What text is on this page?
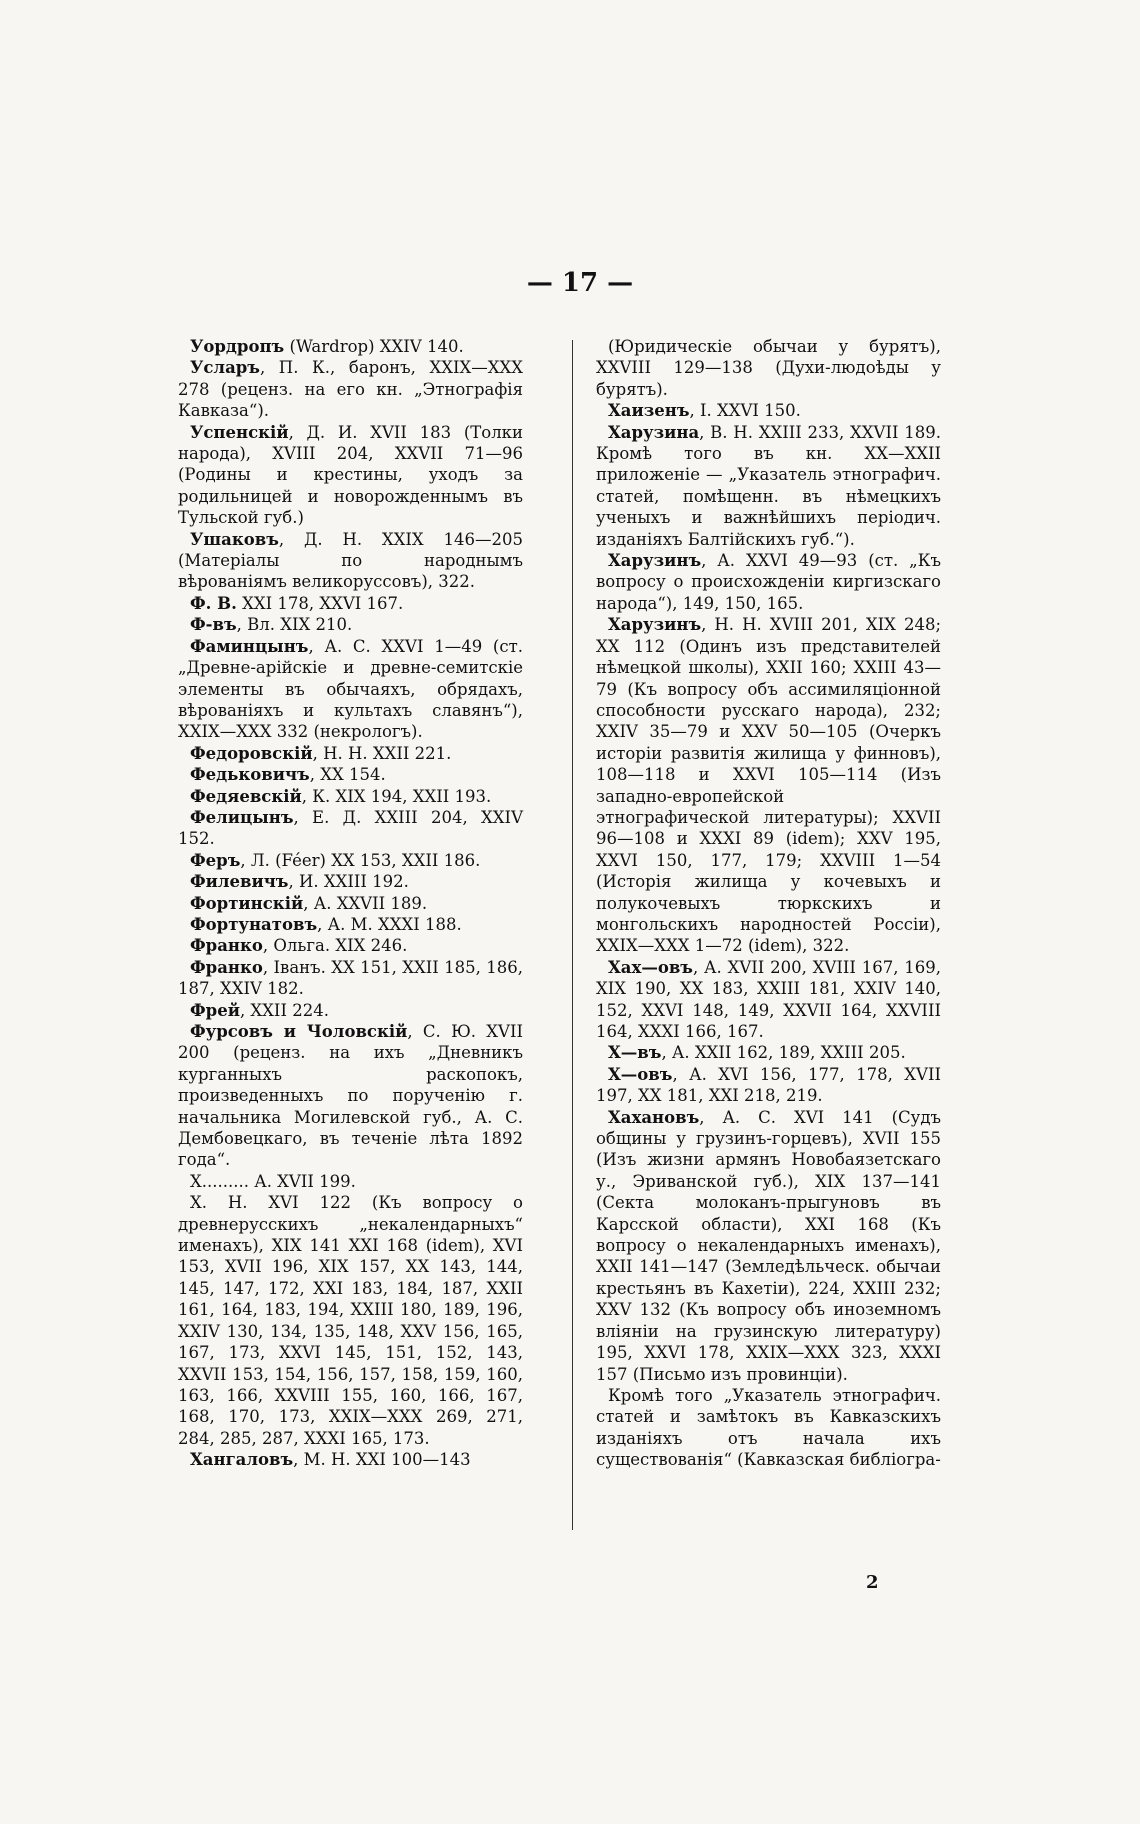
— 17 —

Уордропъ (Wardrop) XXIV 140.

Усларъ, П. К., баронъ, XXIX—XXX 278 (реценз. на его кн. „Этнографія Кавказа“).

Успенскій, Д. И. XVII 183 (Толки народа), XVIII 204, XXVII 71—96 (Родины и крестины, уходъ за родильницей и новорожденнымъ въ Тульской губ.)

Ушаковъ, Д. Н. XXIX 146—205 (Матеріалы по народнымъ вѣрованіямъ великоруссовъ), 322.

Ф. В. XXI 178, XXVI 167.

Ф-въ, Вл. XIX 210.

Фаминцынъ, А. С. XXVI 1—49 (ст. „Древне-арійскіе и древне-семитскіе элементы въ обычаяхъ, обрядахъ, вѣрованіяхъ и культахъ славянъ“), XXIX—XXX 332 (некрологъ).

Федоровскій, Н. Н. XXII 221.

Федьковичъ, XX 154.

Федяевскій, К. XIX 194, XXII 193.

Фелицынъ, Е. Д. XXIII 204, XXIV 152.

Феръ, Л. (Féer) XX 153, XXII 186.

Филевичъ, И. XXIII 192.

Фортинскій, А. XXVII 189.

Фортунатовъ, А. М. XXXI 188.

Франко, Ольга. XIX 246.

Франко, Іванъ. XX 151, XXII 185, 186, 187, XXIV 182.

Фрей, XXII 224.

Фурсовъ и Чоловскій, С. Ю. XVII 200 (реценз. на ихъ „Дневникъ курганныхъ раскопокъ, произведенныхъ по порученію г. начальника Могилевской губ., А. С. Дембовецкаго, въ теченіе лѣта 1892 года“.

Х......... А. XVII 199.

Х. Н. XVI 122 (Къ вопросу о древнерусскихъ „некалендарныхъ“ именахъ), XIX 141 XXI 168 (idem), XVI 153, XVII 196, XIX 157, XX 143, 144, 145, 147, 172, XXI 183, 184, 187, XXII 161, 164, 183, 194, XXIII 180, 189, 196, XXIV 130, 134, 135, 148, XXV 156, 165, 167, 173, XXVI 145, 151, 152, 143, XXVII 153, 154, 156, 157, 158, 159, 160, 163, 166, XXVIII 155, 160, 166, 167, 168, 170, 173, XXIX—XXX 269, 271, 284, 285, 287, XXXI 165, 173.

Хангаловъ, М. Н. XXI 100—143

(Юридическіе обычаи у бурятъ), XXVIII 129—138 (Духи-людоѣды у бурятъ).

Хаизенъ, I. XXVI 150.

Харузина, В. Н. XXIII 233, XXVII 189. Кромѣ того въ кн. XX—XXII приложеніе — „Указатель этнографич. статей, помѣщенн. въ нѣмецкихъ ученыхъ и важнѣйшихъ періодич. изданіяхъ Балтійскихъ губ.“).

Харузинъ, А. XXVI 49—93 (ст. „Къ вопросу о происхожденіи киргизскаго народа“), 149, 150, 165.

Харузинъ, Н. Н. XVIII 201, XIX 248; XX 112 (Одинъ изъ представителей нѣмецкой школы), XXII 160; XXIII 43—79 (Къ вопросу объ ассимиляціонной способности русскаго народа), 232; XXIV 35—79 и XXV 50—105 (Очеркъ исторіи развитія жилища у финновъ), 108—118 и XXVI 105—114 (Изъ западно-европейской этнографической литературы); XXVII 96—108 и XXXI 89 (idem); XXV 195, XXVI 150, 177, 179; XXVIII 1—54 (Исторія жилища у кочевыхъ и полукочевыхъ тюркскихъ и монгольскихъ народностей Россіи), XXIX—XXX 1—72 (idem), 322.

Хах—овъ, А. XVII 200, XVIII 167, 169, XIX 190, XX 183, XXIII 181, XXIV 140, 152, XXVI 148, 149, XXVII 164, XXVIII 164, XXXI 166, 167.

Х—въ, А. XXII 162, 189, XXIII 205.

Х—овъ, А. XVI 156, 177, 178, XVII 197, XX 181, XXI 218, 219.

Хахановъ, А. С. XVI 141 (Судъ общины у грузинъ-горцевъ), XVII 155 (Изъ жизни армянъ Новобаязетскаго у., Эриванской губ.), XIX 137—141 (Секта молоканъ-прыгуновъ въ Карсской области), XXI 168 (Къ вопросу о некалендарныхъ именахъ), XXII 141—147 (Земледѣльческ. обычаи крестьянъ въ Кахетіи), 224, XXIII 232; XXV 132 (Къ вопросу объ иноземномъ вліяніи на грузинскую литературу) 195, XXVI 178, XXIX—XXX 323, XXXI 157 (Письмо изъ провинціи).

Кромѣ того „Указатель этнографич. статей и замѣтокъ въ Кавказскихъ изданіяхъ отъ начала ихъ существованія“ (Кавказская библіогра-

2
